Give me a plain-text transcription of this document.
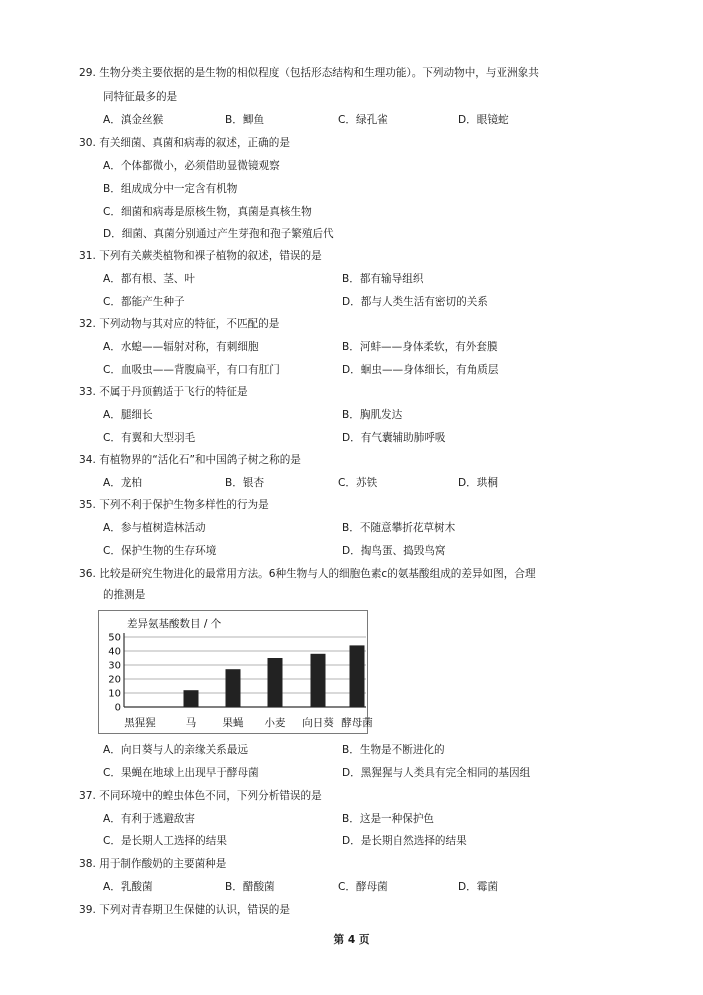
29. 生物分类主要依据的是生物的相似程度（包括形态结构和生理功能）。下列动物中，与亚洲象共
同特征最多的是
A．滇金丝猴	B．鲫鱼	C．绿孔雀	D．眼镜蛇
30. 有关细菌、真菌和病毒的叙述，正确的是
A．个体都微小，必须借助显微镜观察
B．组成成分中一定含有机物
C．细菌和病毒是原核生物，真菌是真核生物
D．细菌、真菌分别通过产生芽孢和孢子繁殖后代
31. 下列有关蕨类植物和裸子植物的叙述，错误的是
A．都有根、茎、叶	B．都有输导组织
C．都能产生种子	D．都与人类生活有密切的关系
32. 下列动物与其对应的特征，不匹配的是
A．水螅——辐射对称，有刺细胞	B．河蚌——身体柔软，有外套膜
C．血吸虫——背腹扁平，有口有肛门	D．蛔虫——身体细长，有角质层
33. 不属于丹顶鹤适于飞行的特征是
A．腿细长	B．胸肌发达
C．有翼和大型羽毛	D．有气囊辅助肺呼吸
34. 有植物界的“活化石”和中国鸽子树之称的是
A．龙柏	B．银杏	C．苏铁	D．珙桐
35. 下列不利于保护生物多样性的行为是
A．参与植树造林活动	B．不随意攀折花草树木
C．保护生物的生存环境	D．掏鸟蛋、捣毁鸟窝
36. 比较是研究生物进化的最常用方法。6种生物与人的细胞色素c的氨基酸组成的差异如图，合理
的推测是
差异氨基酸数目 / 个
0
10
20
30
40
50
黑猩猩	马	果蝇 小麦 向日葵 酵母菌
A．向日葵与人的亲缘关系最远	B．生物是不断进化的
C．果蝇在地球上出现早于酵母菌	D．黑猩猩与人类具有完全相同的基因组
37. 不同环境中的蝗虫体色不同，下列分析错误的是
A．有利于逃避敌害	B．这是一种保护色
C．是长期人工选择的结果	D．是长期自然选择的结果
38. 用于制作酸奶的主要菌种是
A．乳酸菌	B．醋酸菌	C．酵母菌	D．霉菌
39. 下列对青春期卫生保健的认识，错误的是
第 4 页
